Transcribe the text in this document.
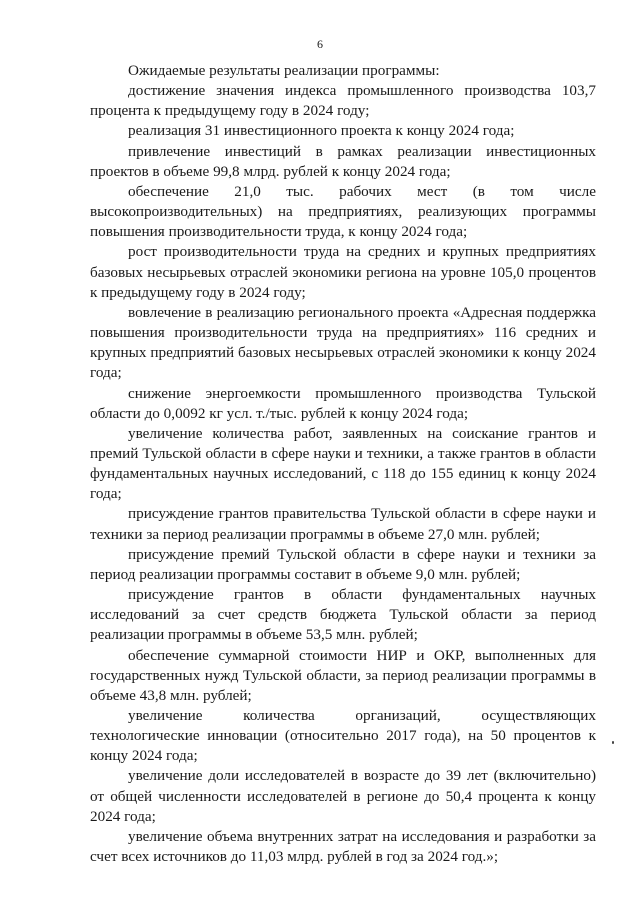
6

Ожидаемые результаты реализации программы:

достижение значения индекса промышленного производства 103,7 процента к предыдущему году в 2024 году;

реализация 31 инвестиционного проекта к концу 2024 года;

привлечение инвестиций в рамках реализации инвестиционных проектов в объеме 99,8 млрд. рублей к концу 2024 года;

обеспечение 21,0 тыс. рабочих мест (в том числе высокопроизводительных) на предприятиях, реализующих программы повышения производительности труда, к концу 2024 года;

рост производительности труда на средних и крупных предприятиях базовых несырьевых отраслей экономики региона на уровне 105,0 процентов к предыдущему году в 2024 году;

вовлечение в реализацию регионального проекта «Адресная поддержка повышения производительности труда на предприятиях» 116 средних и крупных предприятий базовых несырьевых отраслей экономики к концу 2024 года;

снижение энергоемкости промышленного производства Тульской области до 0,0092 кг усл. т./тыс. рублей к концу 2024 года;

увеличение количества работ, заявленных на соискание грантов и премий Тульской области в сфере науки и техники, а также грантов в области фундаментальных научных исследований, с 118 до 155 единиц к концу 2024 года;

присуждение грантов правительства Тульской области в сфере науки и техники за период реализации программы в объеме 27,0 млн. рублей;

присуждение премий Тульской области в сфере науки и техники за период реализации программы составит в объеме 9,0 млн. рублей;

присуждение грантов в области фундаментальных научных исследований за счет средств бюджета Тульской области за период реализации программы в объеме 53,5 млн. рублей;

обеспечение суммарной стоимости НИР и ОКР, выполненных для государственных нужд Тульской области, за период реализации программы в объеме 43,8 млн. рублей;

увеличение количества организаций, осуществляющих технологические инновации (относительно 2017 года), на 50 процентов к концу 2024 года;

увеличение доли исследователей в возрасте до 39 лет (включительно) от общей численности исследователей в регионе до 50,4 процента к концу 2024 года;

увеличение объема внутренних затрат на исследования и разработки за счет всех источников до 11,03 млрд. рублей в год за 2024 год.»;
